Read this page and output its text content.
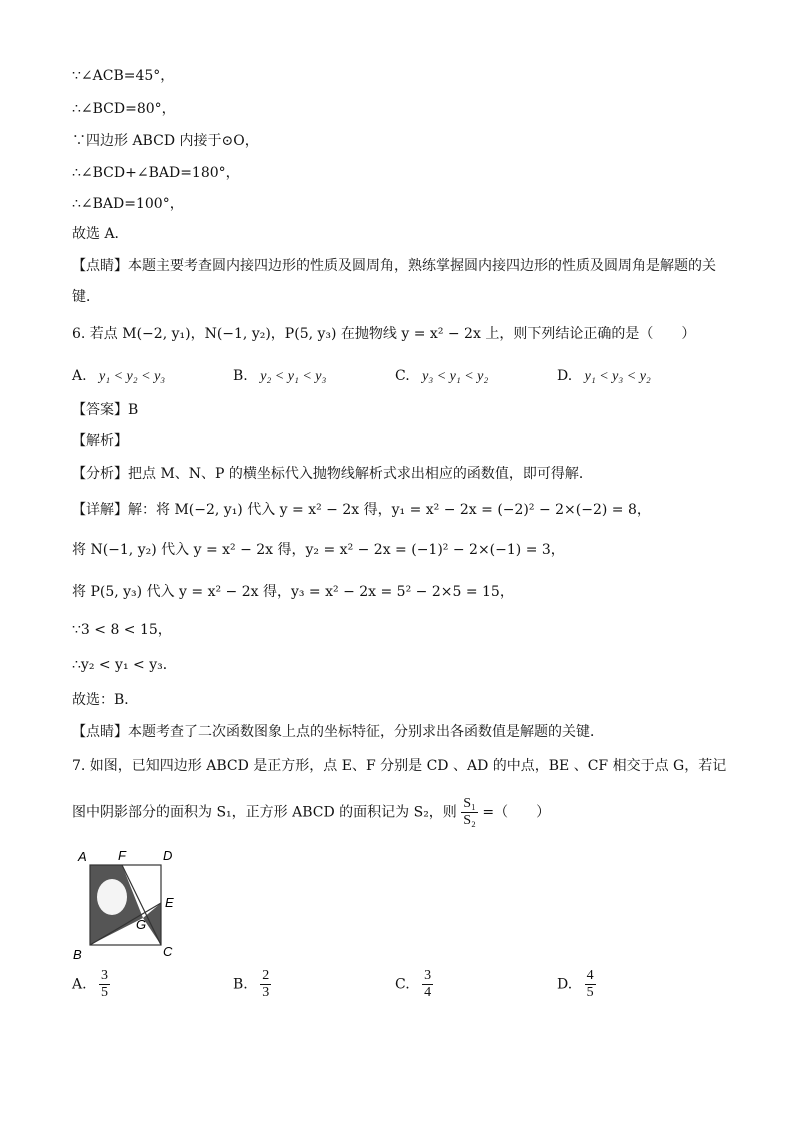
∵∠ACB=45°，
∴∠BCD=80°，
∵四边形 ABCD 内接于⊙O，
∴∠BCD+∠BAD=180°，
∴∠BAD=100°，
故选 A．
【点睛】本题主要考查圆内接四边形的性质及圆周角，熟练掌握圆内接四边形的性质及圆周角是解题的关
键．
6. 若点 M(−2, y₁)，N(−1, y₂)，P(5, y₃) 在抛物线 y = x² − 2x 上，则下列结论正确的是（　　）
A. y₁ < y₂ < y₃	B. y₂ < y₁ < y₃	C. y₃ < y₁ < y₂	D. y₁ < y₃ < y₂
【答案】B
【解析】
【分析】把点 M、N、P 的横坐标代入抛物线解析式求出相应的函数值，即可得解．
【详解】解：将 M(−2, y₁) 代入 y = x² − 2x 得，y₁ = x² − 2x = (−2)² − 2×(−2) = 8，
将 N(−1, y₂) 代入 y = x² − 2x 得，y₂ = x² − 2x = (−1)² − 2×(−1) = 3，
将 P(5, y₃) 代入 y = x² − 2x 得，y₃ = x² − 2x = 5² − 2×5 = 15，
∵3 < 8 < 15，
∴y₂ < y₁ < y₃．
故选：B．
【点睛】本题考查了二次函数图象上点的坐标特征，分别求出各函数值是解题的关键．
7. 如图，已知四边形 ABCD 是正方形，点 E、F 分别是 CD 、AD 的中点，BE 、CF 相交于点 G，若记
图中阴影部分的面积为 S₁，正方形 ABCD 的面积记为 S₂，则 $\frac{\text{S₁}}{\text{S₂}}$ =（　　）
A F	D
E
G
B	C
A. $\frac{3}{5}$	B. $\frac{2}{3}$	C. $\frac{3}{4}$	D. $\frac{4}{5}$
